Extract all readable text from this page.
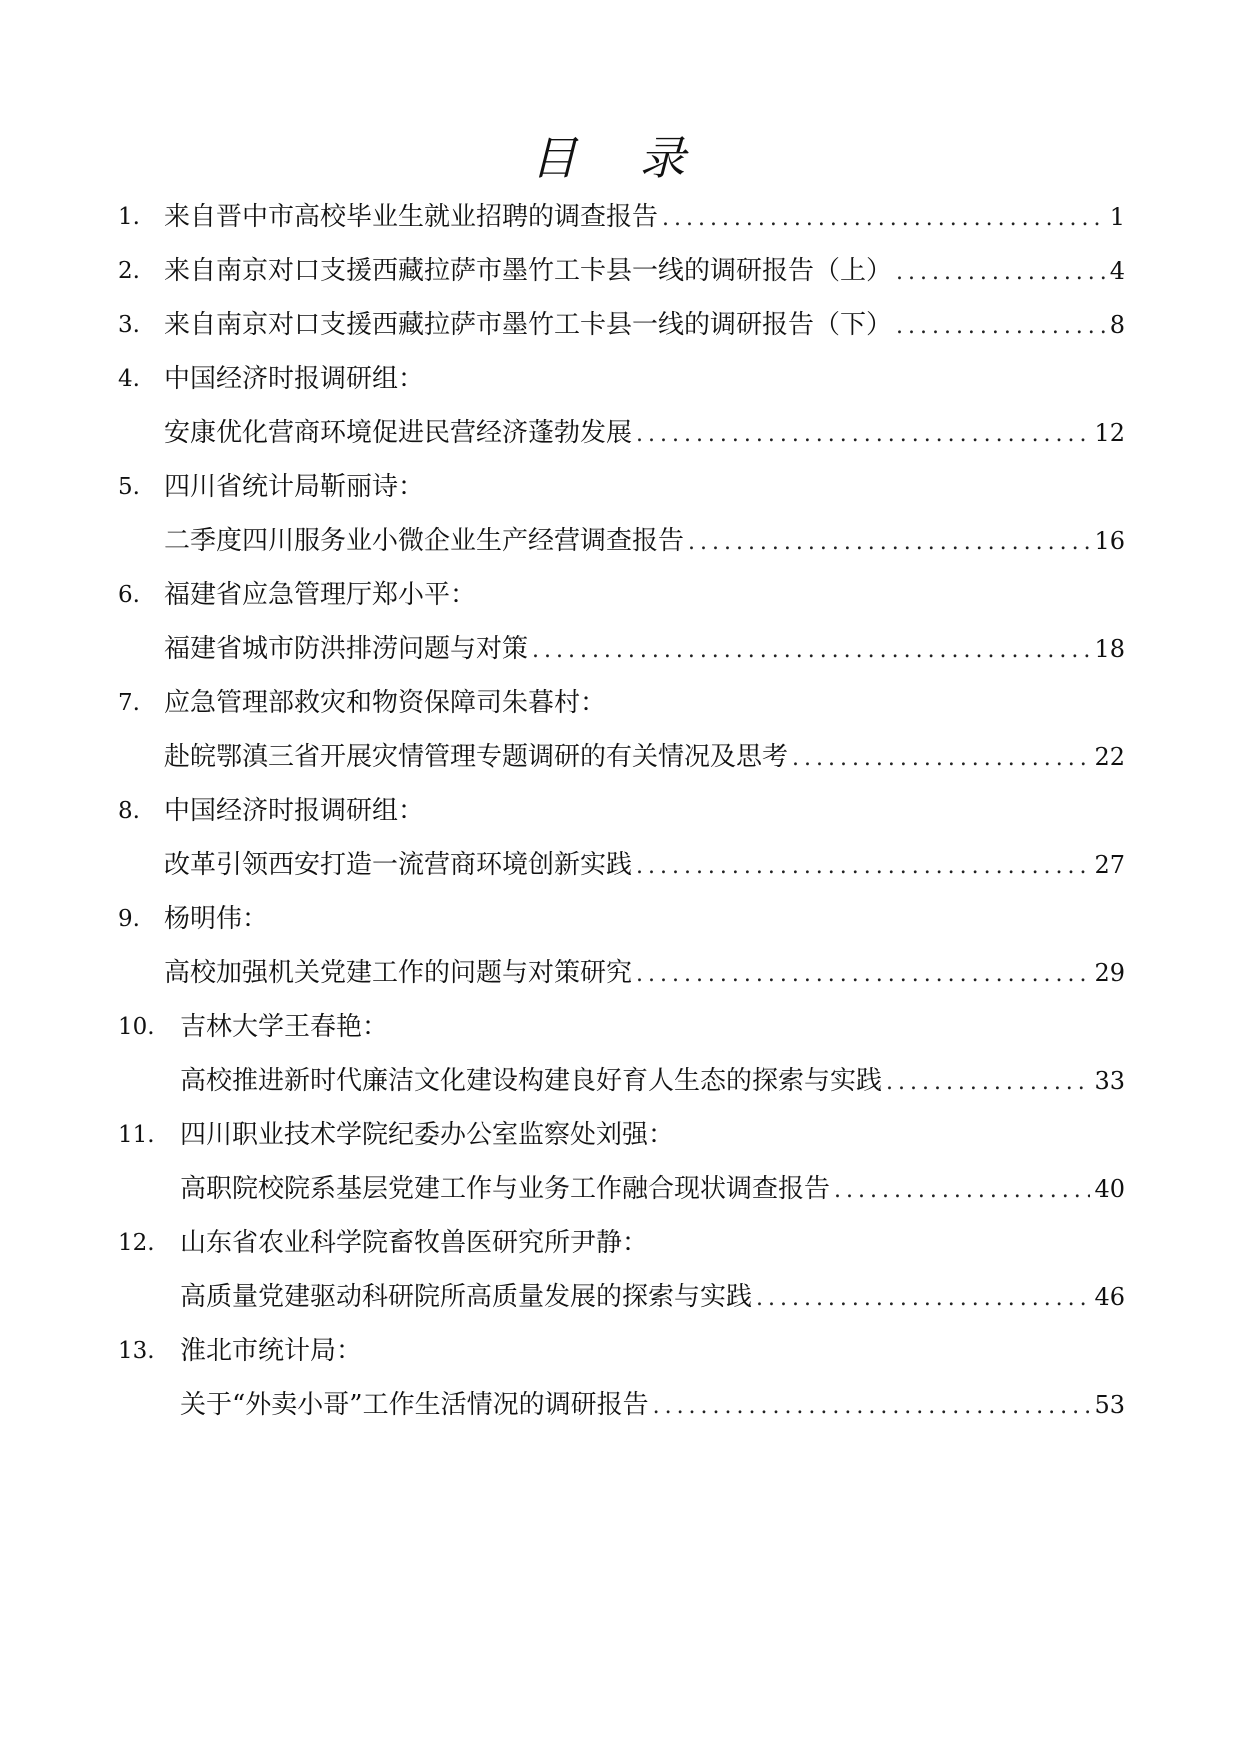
目 录
1. 来自晋中市高校毕业生就业招聘的调查报告 . . .	1
2. 来自南京对口支援西藏拉萨市墨竹工卡县一线的调研报告（上） . . .	4
3. 来自南京对口支援西藏拉萨市墨竹工卡县一线的调研报告（下） . . .	8
4. 中国经济时报调研组：
安康优化营商环境促进民营经济蓬勃发展 . . .	12
5. 四川省统计局靳丽诗：
二季度四川服务业小微企业生产经营调查报告 . . .	16
6. 福建省应急管理厅郑小平：
福建省城市防洪排涝问题与对策 . . .	18
7. 应急管理部救灾和物资保障司朱暮村：
赴皖鄂滇三省开展灾情管理专题调研的有关情况及思考 . . .	22
8. 中国经济时报调研组：
改革引领西安打造一流营商环境创新实践 . . .	27
9. 杨明伟：
高校加强机关党建工作的问题与对策研究 . . .	29
10. 吉林大学王春艳：
高校推进新时代廉洁文化建设构建良好育人生态的探索与实践 . . .	33
11. 四川职业技术学院纪委办公室监察处刘强：
高职院校院系基层党建工作与业务工作融合现状调查报告 . . .	40
12. 山东省农业科学院畜牧兽医研究所尹静：
高质量党建驱动科研院所高质量发展的探索与实践 . . .	46
13. 淮北市统计局：
关于“外卖小哥”工作生活情况的调研报告 . . .	53
